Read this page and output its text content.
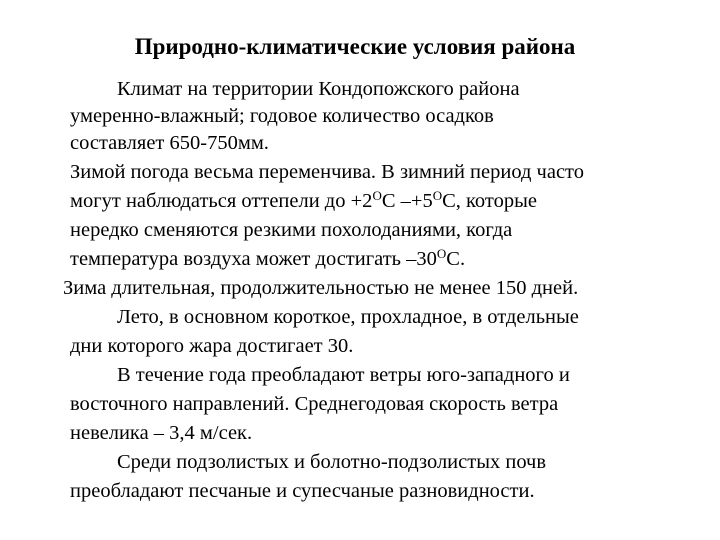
Природно-климатические условия района
Климат на территории Кондопожского района
умеренно-влажный; годовое количество осадков
составляет 650-750мм.
Зимой погода весьма переменчива. В зимний период часто
могут наблюдаться оттепели до $+2^ОС$ $-+5^ОС$, которые
нередко сменяются резкими похолоданиями, когда
температура воздуха может достигать $-30^ОС$.
Зима длительная, продолжительностью не менее 150 дней.
Лето, в основном короткое, прохладное, в отдельные
дни которого жара достигает 30.
В течение года преобладают ветры юго-западного и
восточного направлений. Среднегодовая скорость ветра
невелика – 3,4 м/сек.
Среди подзолистых и болотно-подзолистых почв
преобладают песчаные и супесчаные разновидности.
